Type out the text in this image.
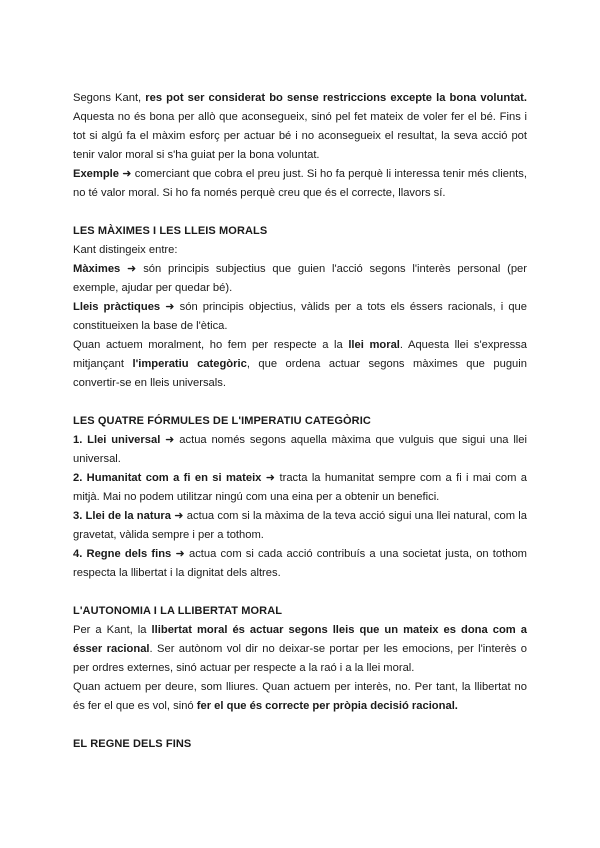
Segons Kant, res pot ser considerat bo sense restriccions excepte la bona voluntat. Aquesta no és bona per allò que aconsegueix, sinó pel fet mateix de voler fer el bé. Fins i tot si algú fa el màxim esforç per actuar bé i no aconsegueix el resultat, la seva acció pot tenir valor moral si s'ha guiat per la bona voluntat.

Exemple ➜ comerciant que cobra el preu just. Si ho fa perquè li interessa tenir més clients, no té valor moral. Si ho fa només perquè creu que és el correcte, llavors sí.

LES MÀXIMES I LES LLEIS MORALS

Kant distingeix entre:

Màximes ➜ són principis subjectius que guien l'acció segons l'interès personal (per exemple, ajudar per quedar bé).

Lleis pràctiques ➜ són principis objectius, vàlids per a tots els éssers racionals, i que constitueixen la base de l'ètica.

Quan actuem moralment, ho fem per respecte a la llei moral. Aquesta llei s'expressa mitjançant l'imperatiu categòric, que ordena actuar segons màximes que puguin convertir-se en lleis universals.

LES QUATRE FÓRMULES DE L'IMPERATIU CATEGÒRIC

1. Llei universal ➜ actua només segons aquella màxima que vulguis que sigui una llei universal.

2. Humanitat com a fi en si mateix ➜ tracta la humanitat sempre com a fi i mai com a mitjà. Mai no podem utilitzar ningú com una eina per a obtenir un benefici.

3. Llei de la natura ➜ actua com si la màxima de la teva acció sigui una llei natural, com la gravetat, vàlida sempre i per a tothom.

4. Regne dels fins ➜ actua com si cada acció contribuís a una societat justa, on tothom respecta la llibertat i la dignitat dels altres.

L'AUTONOMIA I LA LLIBERTAT MORAL

Per a Kant, la llibertat moral és actuar segons lleis que un mateix es dona com a ésser racional. Ser autònom vol dir no deixar-se portar per les emocions, per l'interès o per ordres externes, sinó actuar per respecte a la raó i a la llei moral.

Quan actuem per deure, som lliures. Quan actuem per interès, no. Per tant, la llibertat no és fer el que es vol, sinó fer el que és correcte per pròpia decisió racional.

EL REGNE DELS FINS
